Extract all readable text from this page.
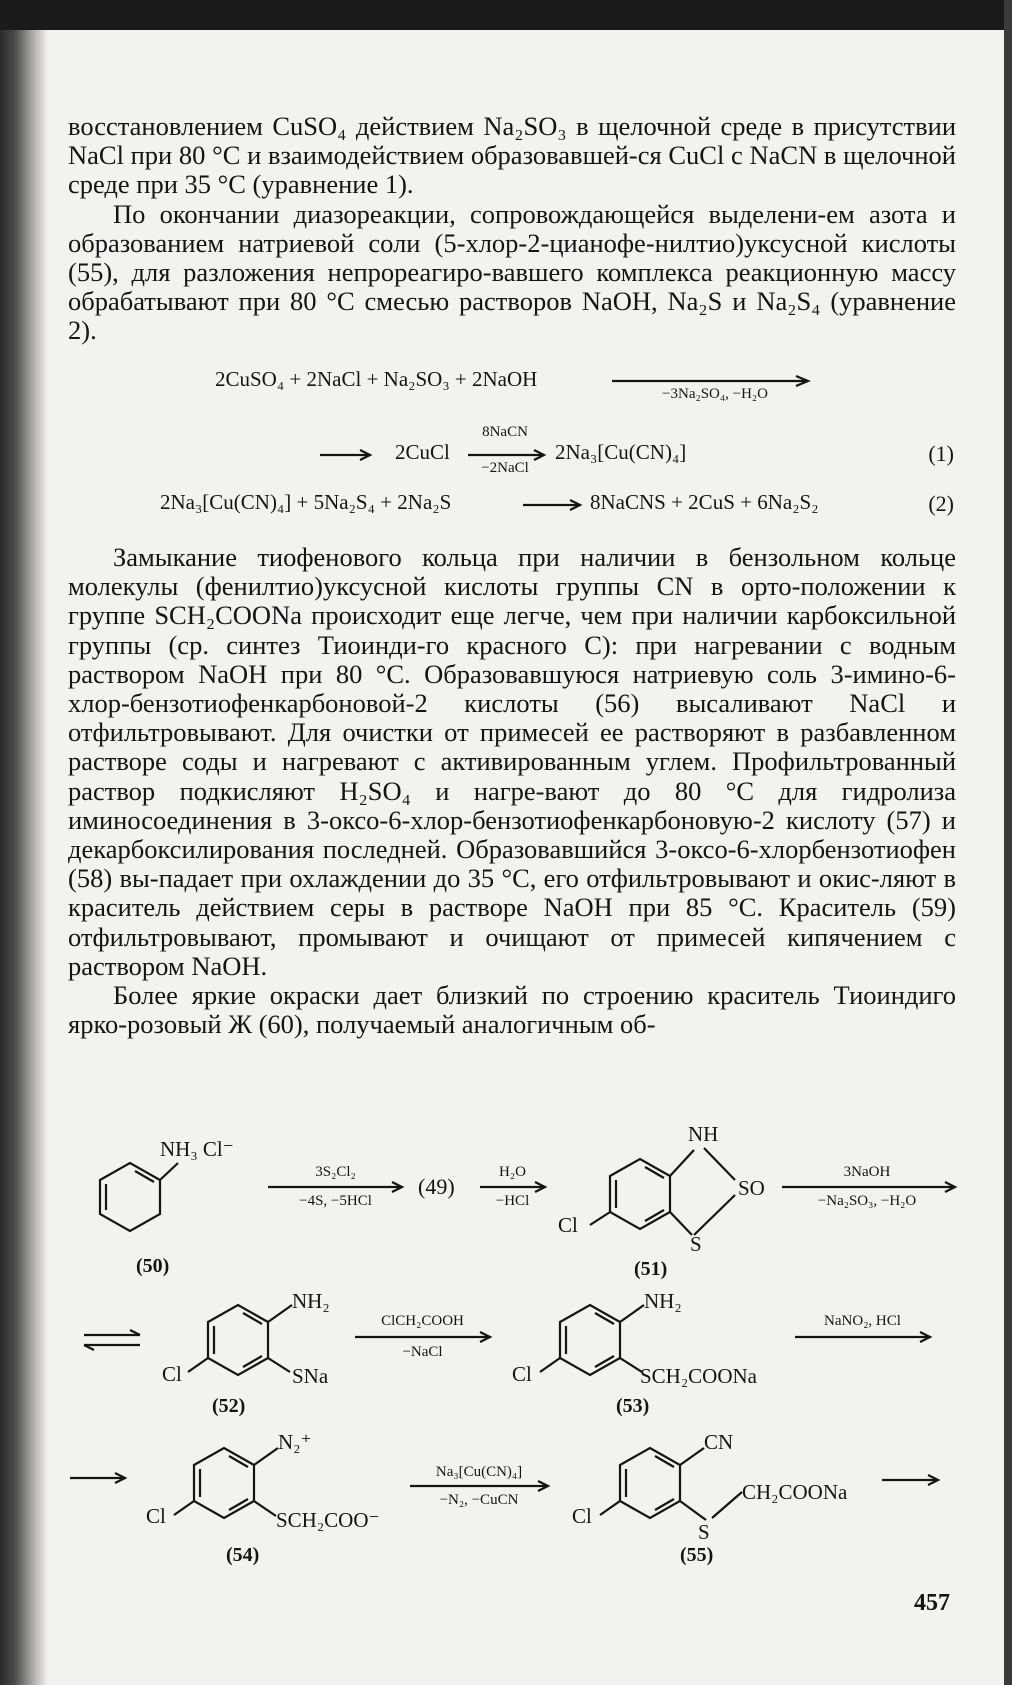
восстановлением CuSO₄ действием Na₂SO₃ в щелочной среде в присутствии NaCl при 80 °C и взаимодействием образовавшей-ся CuCl с NaCN в щелочной среде при 35 °C (уравнение 1).

По окончании диазореакции, сопровождающейся выделени-ем азота и образованием натриевой соли (5-хлор-2-цианофе-нилтио)уксусной кислоты (55), для разложения непрореагиро-вавшего комплекса реакционную массу обрабатывают при 80 °C смесью растворов NaOH, Na₂S и Na₂S₄ (уравнение 2).

2CuSO₄ + 2NaCl + Na₂SO₃ + 2NaOH
−3Na₂SO₄, −H₂O
2CuCl
8NaCN
−2NaCl
2Na₃[Cu(CN)₄]	(1)
2Na₃[Cu(CN)₄] + 5Na₂S₄ + 2Na₂S	8NaCNS + 2CuS + 6Na₂S₂	(2)

Замыкание тиофенового кольца при наличии в бензольном кольце молекулы (фенилтио)уксусной кислоты группы CN в орто-положении к группе SCH₂COONa происходит еще легче, чем при наличии карбоксильной группы (ср. синтез Тиоинди-го красного С): при нагревании с водным раствором NaOH при 80 °C. Образовавшуюся натриевую соль 3-имино-6-хлор-бензотиофенкарбоновой-2 кислоты (56) высаливают NaCl и отфильтровывают. Для очистки от примесей ее растворяют в разбавленном растворе соды и нагревают с активированным углем. Профильтрованный раствор подкисляют H₂SO₄ и нагре-вают до 80 °C для гидролиза иминосоединения в 3-оксо-6-хлор-бензотиофенкарбоновую-2 кислоту (57) и декарбоксилирования последней. Образовавшийся 3-оксо-6-хлорбензотиофен (58) вы-падает при охлаждении до 35 °C, его отфильтровывают и окис-ляют в краситель действием серы в растворе NaOH при 85 °C. Краситель (59) отфильтровывают, промывают и очищают от примесей кипячением с раствором NaOH.

Более яркие окраски дает близкий по строению краситель Тиоиндиго ярко-розовый Ж (60), получаемый аналогичным об-

NH₃ Cl⁻
(50)
3S₂Cl₂
−4S, −5HCl
(49)
H₂O
−HCl
NH
SO
S
Cl
(51)
3NaOH
−Na₂SO₃, −H₂O
NH₂
SNa
Cl
(52)
ClCH₂COOH
−NaCl
NH₂
SCH₂COONa
Cl
(53)
NaNO₂, HCl
N₂⁺
SCH₂COO⁻
Cl
(54)
Na₃[Cu(CN)₄]
−N₂, −CuCN
CN
S
CH₂COONa
Cl
(55)
457
